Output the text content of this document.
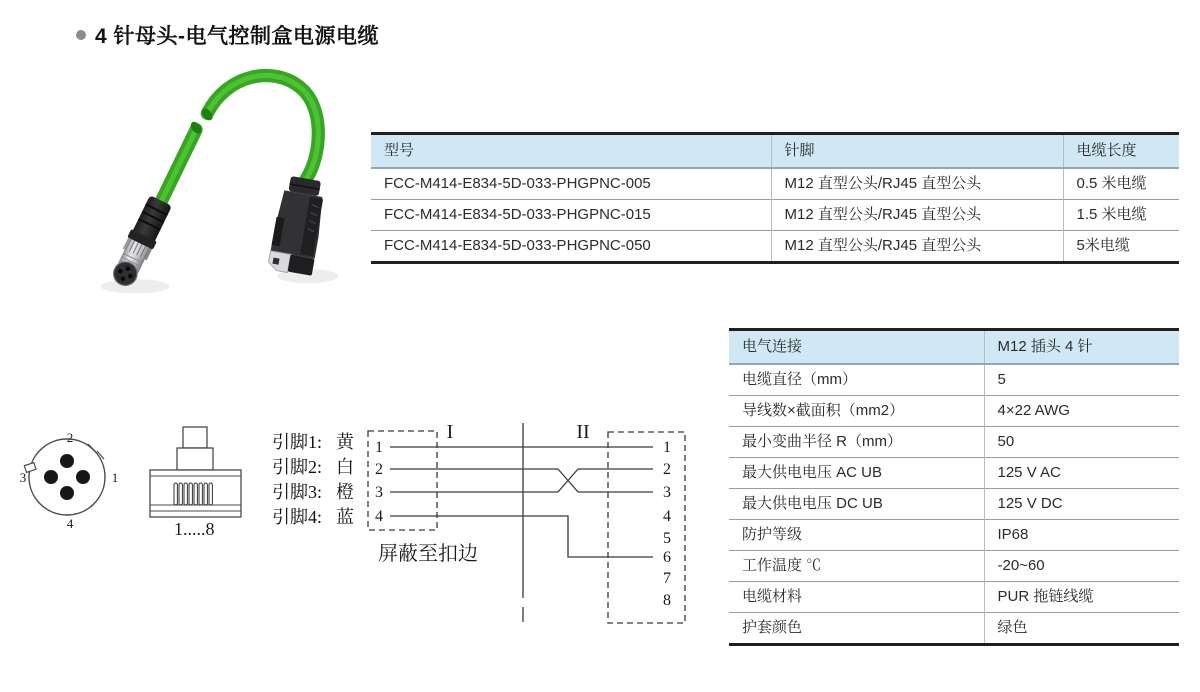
4 针母头-电气控制盒电源电缆
型号	针脚	电缆长度
FCC-M414-E834-5D-033-PHGPNC-005	M12 直型公头/RJ45 直型公头	0.5 米电缆
FCC-M414-E834-5D-033-PHGPNC-015	M12 直型公头/RJ45 直型公头	1.5 米电缆
FCC-M414-E834-5D-033-PHGPNC-050	M12 直型公头/RJ45 直型公头	5米电缆
电气连接	M12 插头 4 针
电缆直径（mm）	5
导线数×截面积（mm2）	4×22 AWG
最小变曲半径 R（mm）	50
最大供电电压 AC UB	125 V AC
最大供电电压 DC UB	125 V DC
防护等级	IP68
工作温度 ℃	-20~60
电缆材料	PUR 拖链线缆
护套颜色	绿色
2
1
3
4	1.....8
引脚1: 黄
引脚2: 白
引脚3: 橙
引脚4: 蓝
I	II
1
2
3
4
1
2
3
4
5
6
7
8
屏蔽至扣边
